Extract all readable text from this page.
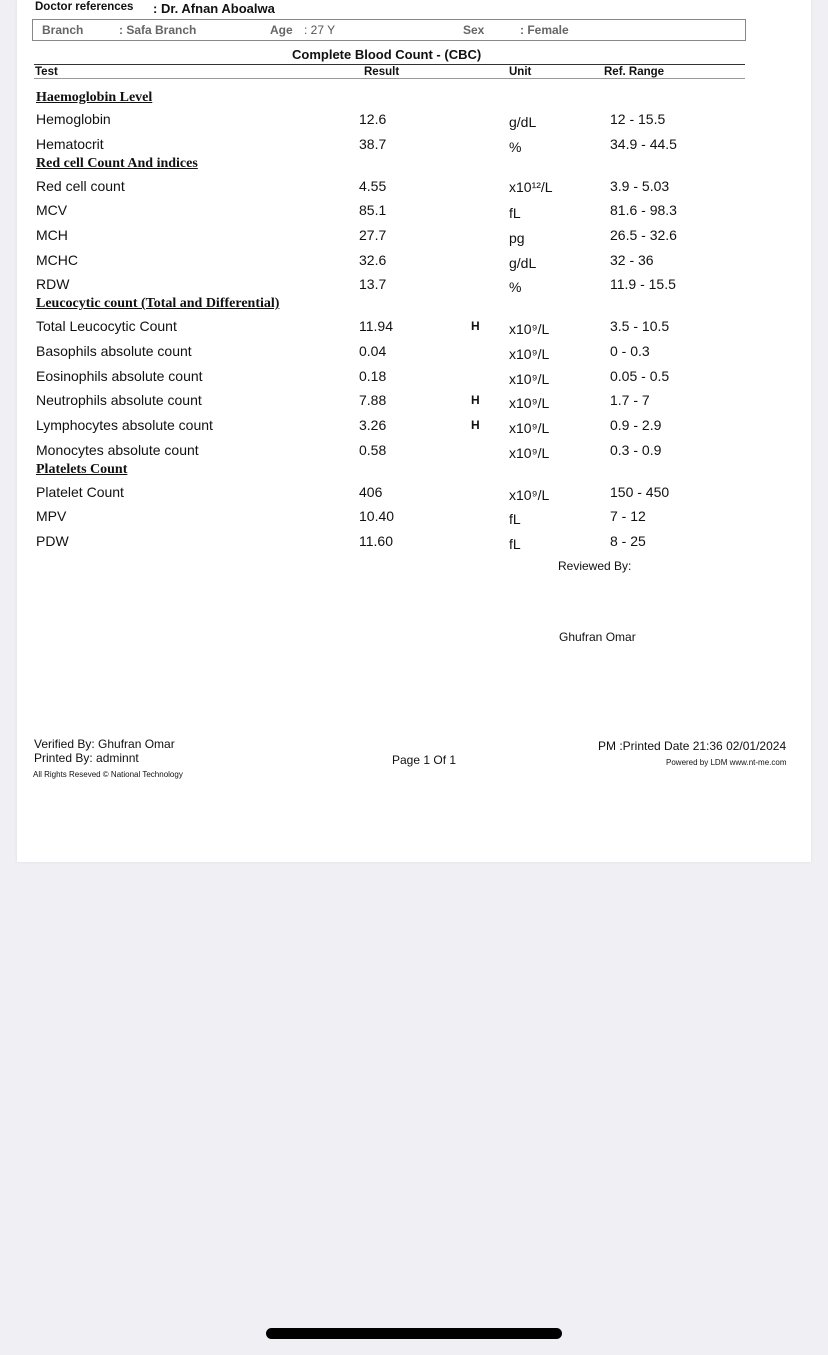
Doctor references : Dr. Afnan Aboalwa
Branch	: Safa Branch	Age : 27 Y	Sex	: Female
Complete Blood Count - (CBC)
Test	Result	Unit	Ref. Range
Haemoglobin Level
Red cell Count And indices
Leucocytic count (Total and Differential)
Platelets Count
Hemoglobin	12.6	g/dL	12 - 15.5
Hematocrit	38.7	%	34.9 - 44.5
Red cell count	4.55	x10¹²/L	3.9 - 5.03
MCV	85.1	fL	81.6 - 98.3
MCH	27.7	pg	26.5 - 32.6
MCHC	32.6	g/dL	32 - 36
RDW	13.7	%	11.9 - 15.5
Total Leucocytic Count	11.94	H x10⁹/L	3.5 - 10.5
Basophils absolute count	0.04	x10⁹/L	0 - 0.3
Eosinophils absolute count	0.18	x10⁹/L	0.05 - 0.5
Neutrophils absolute count	7.88	H x10⁹/L	1.7 - 7
Lymphocytes absolute count	3.26	H x10⁹/L	0.9 - 2.9
Monocytes absolute count	0.58	x10⁹/L	0.3 - 0.9
Platelet Count	406	x10⁹/L	150 - 450
MPV	10.40	fL	7 - 12
PDW	11.60	fL	8 - 25
Reviewed By:
Ghufran Omar
Verified By: Ghufran Omar
Printed By: adminnt
All Rights Reseved © National Technology
Page 1 Of 1
PM :Printed Date 21:36 02/01/2024
Powered by LDM www.nt-me.com
